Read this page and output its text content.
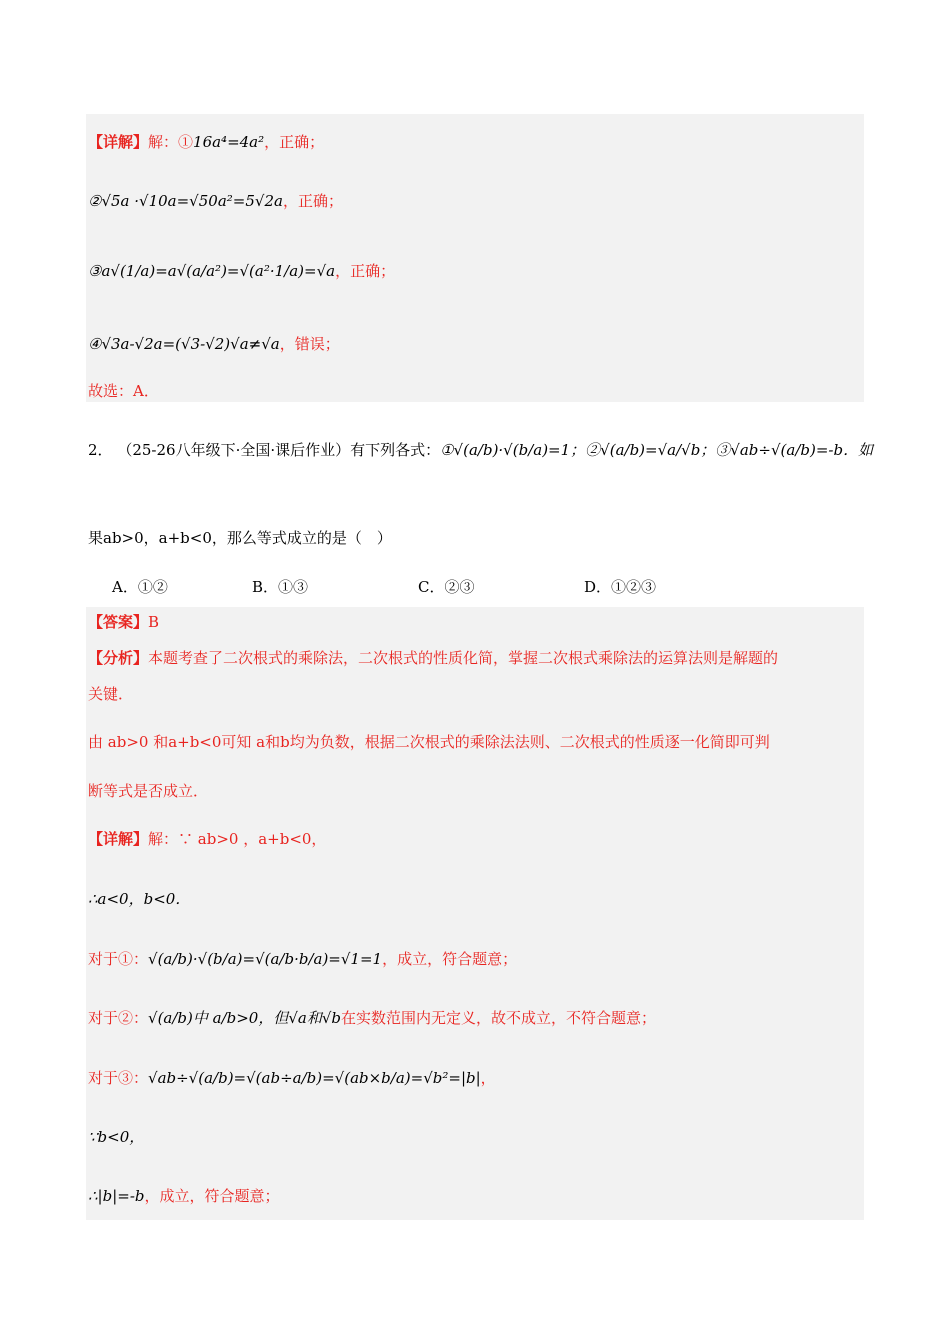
【详解】解：①16a⁴=4a²，正确；
②√5a ·√10a=√50a²=5√2a，正确；
③a√(1/a)=a√(a/a²)=√(a²·1/a)=√a，正确；
④√3a-√2a=(√3-√2)√a≠√a，错误；
故选：A．
2． （25-26八年级下·全国·课后作业）有下列各式：①√(a/b)·√(b/a)=1；②√(a/b)=√a/√b；③√ab÷√(a/b)=-b．如
果ab>0，a+b<0，那么等式成立的是（　）
A．①②	B．①③	C．②③	D．①②③
【答案】B
【分析】本题考查了二次根式的乘除法，二次根式的性质化简，掌握二次根式乘除法的运算法则是解题的
关键．
由 ab>0 和a+b<0可知 a和b均为负数，根据二次根式的乘除法法则、二次根式的性质逐一化简即可判
断等式是否成立．
【详解】解：∵ ab>0 ，a+b<0，
∴a<0，b<0．
对于①：√(a/b)·√(b/a)=√(a/b·b/a)=√1=1，成立，符合题意；
对于②：√(a/b)中 a/b>0，但√a和√b在实数范围内无定义，故不成立，不符合题意；
对于③：√ab÷√(a/b)=√(ab÷a/b)=√(ab×b/a)=√b²=|b|，
∵b<0，
∴|b|=-b，成立，符合题意；
